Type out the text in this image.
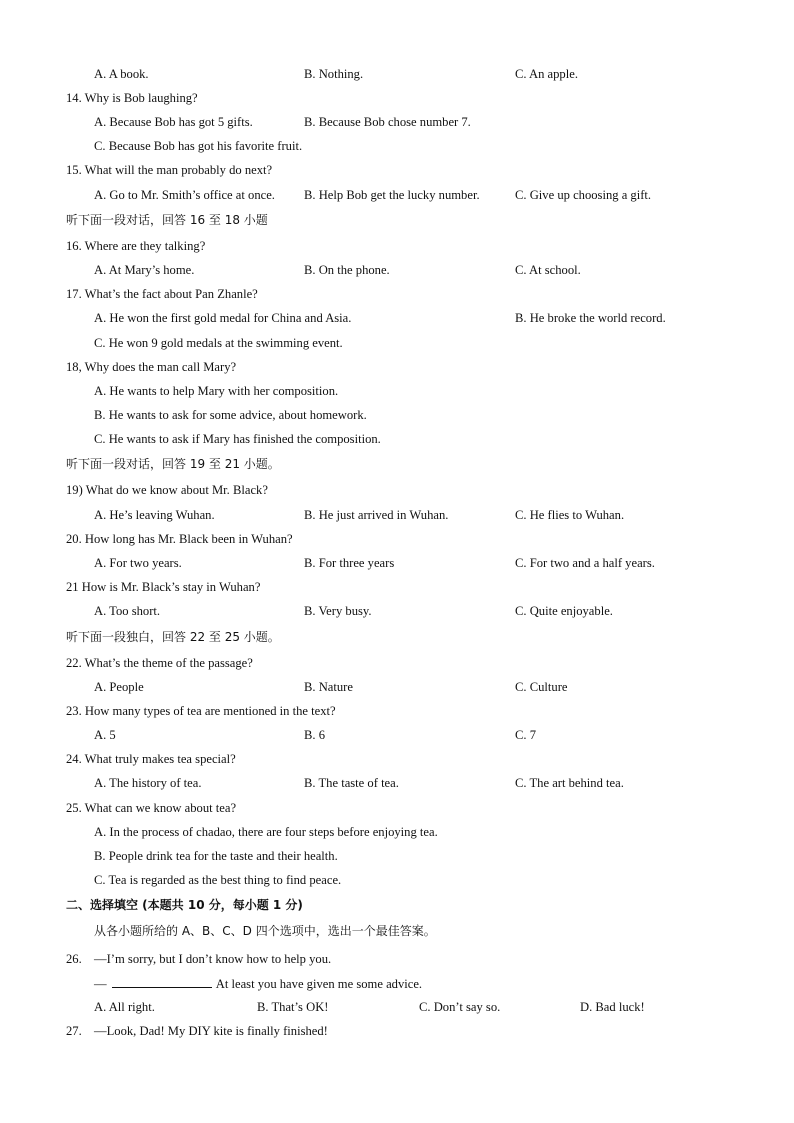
A. A book.	B. Nothing.	C. An apple.
14. Why is Bob laughing?
A. Because Bob has got 5 gifts.	B. Because Bob chose number 7.
C. Because Bob has got his favorite fruit.
15. What will the man probably do next?
A. Go to Mr. Smith’s office at once. B. Help Bob get the lucky number.	C. Give up choosing a gift.
听下面一段对话，回答 16 至 18 小题
16. Where are they talking?
A. At Mary’s home.	B. On the phone.	C. At school.
17. What’s the fact about Pan Zhanle?
A. He won the first gold medal for China and Asia.	B. He broke the world record.
C. He won 9 gold medals at the swimming event.
18, Why does the man call Mary?
A. He wants to help Mary with her composition.
B. He wants to ask for some advice, about homework.
C. He wants to ask if Mary has finished the composition.
听下面一段对话，回答 19 至 21 小题。
19) What do we know about Mr. Black?
A. He’s leaving Wuhan.	B. He just arrived in Wuhan.	C. He flies to Wuhan.
20. How long has Mr. Black been in Wuhan?
A. For two years.	B. For three years	C. For two and a half years.
21 How is Mr. Black’s stay in Wuhan?
A. Too short.	B. Very busy.	C. Quite enjoyable.
听下面一段独白，回答 22 至 25 小题。
22. What’s the theme of the passage?
A. People	B. Nature	C. Culture
23. How many types of tea are mentioned in the text?
A. 5	B. 6	C. 7
24. What truly makes tea special?
A. The history of tea.	B. The taste of tea.	C. The art behind tea.
25. What can we know about tea?
A. In the process of chadao, there are four steps before enjoying tea.
B. People drink tea for the taste and their health.
C. Tea is regarded as the best thing to find peace.
二、选择填空 (本题共 10 分，每小题 1 分)
从各小题所给的 A、B、C、D 四个选项中，选出一个最佳答案。
26. —I’m sorry, but I don’t know how to help you.
—	At least you have given me some advice.
A. All right.	B. That’s OK!	C. Don’t say so.	D. Bad luck!
27. —Look, Dad! My DIY kite is finally finished!
